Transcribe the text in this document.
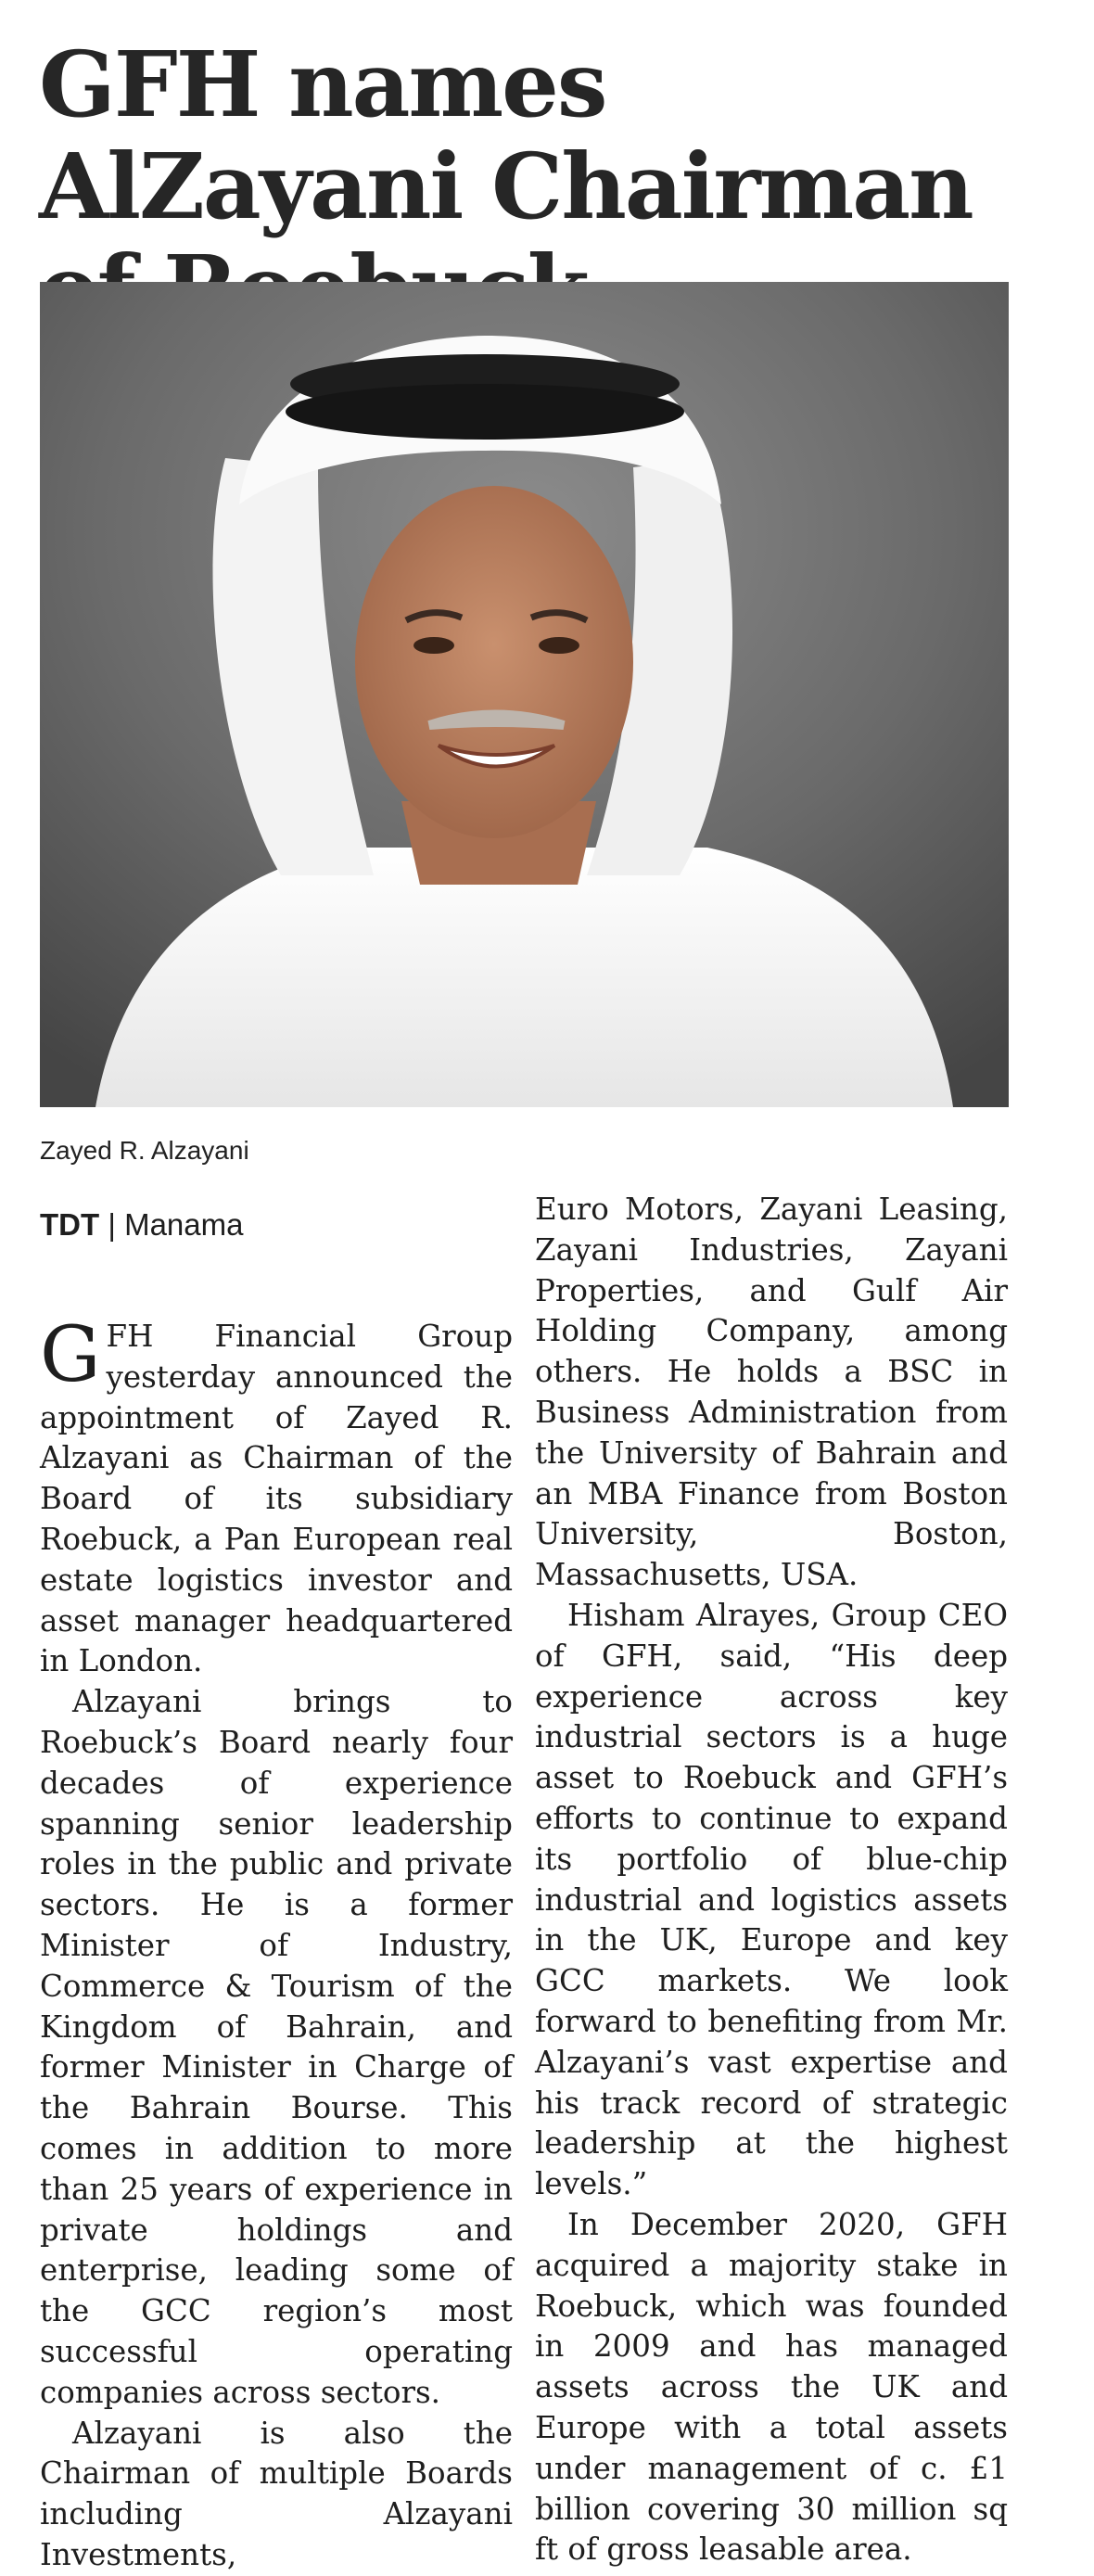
GFH names AlZayani Chairman
Zayed R. Alzayani
TDT | Manama

GFH Financial Group yesterday announced the appointment of Zayed R. Alzayani as Chairman of the Board of its subsidiary Roebuck, a Pan European real estate logistics investor and asset manager headquartered in London.

Alzayani brings to Roebuck’s Board nearly four decades of experience spanning senior leadership roles in the public and private sectors. He is a former Minister of Industry, Commerce & Tourism of the Kingdom of Bahrain, and former Minister in Charge of the Bahrain Bourse. This comes in addition to more than 25 years of experience in private holdings and enterprise, leading some of the GCC region’s most successful operating companies across sectors.

Alzayani is also the Chairman of multiple Boards including Alzayani Investments,

Euro Motors, Zayani Leasing, Zayani Industries, Zayani Properties, and Gulf Air Holding Company, among others. He holds a BSC in Business Administration from the University of Bahrain and an MBA Finance from Boston University, Boston, Massachusetts, USA.

Hisham Alrayes, Group CEO of GFH, said, “His deep experience across key industrial sectors is a huge asset to Roebuck and GFH’s efforts to continue to expand its portfolio of blue-chip industrial and logistics assets in the UK, Europe and key GCC markets. We look forward to benefiting from Mr. Alzayani’s vast expertise and his track record of strategic leadership at the highest levels.”

In December 2020, GFH acquired a majority stake in Roebuck, which was founded in 2009 and has managed assets across the UK and Europe with a total assets under management of c. £1 billion covering 30 million sq ft of gross leasable area.
